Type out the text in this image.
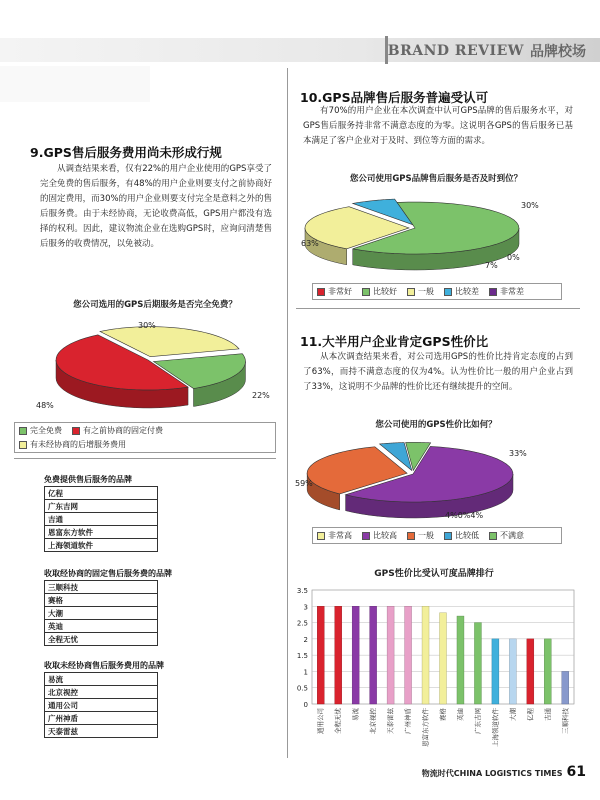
BRAND REVIEW 品牌校场
9.GPS售后服务费用尚未形成行规
从调查结果来看，仅有22%的用户企业使用的GPS享受了完全免费的售后服务，有48%的用户企业则要支付之前协商好的固定费用，而30%的用户企业则要支付完全是意料之外的售后服务费。由于未经协商，无论收费高低，GPS用户都没有选择的权利。因此，建议物流企业在选购GPS时，应询问清楚售后服务的收费情况，以免被动。
您公司选用的GPS后期服务是否完全免费？
22%
48%
30%
完全免费	有之前协商的固定付费
有未经协商的后增服务费用
免费提供售后服务的品牌
亿程
广东吉网
吉通
恩富东方软件
上海领道软件
收取经协商的固定售后服务费的品牌
三顺科技
赛格
大潮
英迪
全程无忧
收取未经协商售后服务费用的品牌
易流
北京视控
通用公司
广州神盾
天泰雷兹
10.GPS品牌售后服务普遍受认可
有70%的用户企业在本次调查中认可GPS品牌的售后服务水平，对GPS售后服务持非常不满意态度的为零。这说明各GPS的售后服务已基本满足了客户企业对于及时、到位等方面的需求。
您公司使用GPS品牌售后服务是否及时到位？
63%
30%
7%
0%
非常好	比较好	一般	比较差	非常差
11.大半用户企业肯定GPS性价比
从本次调查结果来看，对公司选用GPS的性价比持肯定态度的占到了63%，而持不满意态度的仅为4%。认为性价比一般的用户企业占到了33%，这说明不少品牌的性价比还有继续提升的空间。
您公司使用的GPS性价比如何？
59%
33%
4%0%4%
非常高	比较高	一般	比较低	不满意
GPS性价比受认可度品牌排行
0
0.5
1
1.5
2
2.5
3
3.5
通用公司 全程无忧 易流 北京视控 天泰雷兹 广州神盾 恩富东方软件 赛格 英迪 广东吉网 上海领道软件 大潮 亿程 吉通 三顺科技
物流时代CHINA LOGISTICS TIMES 61
